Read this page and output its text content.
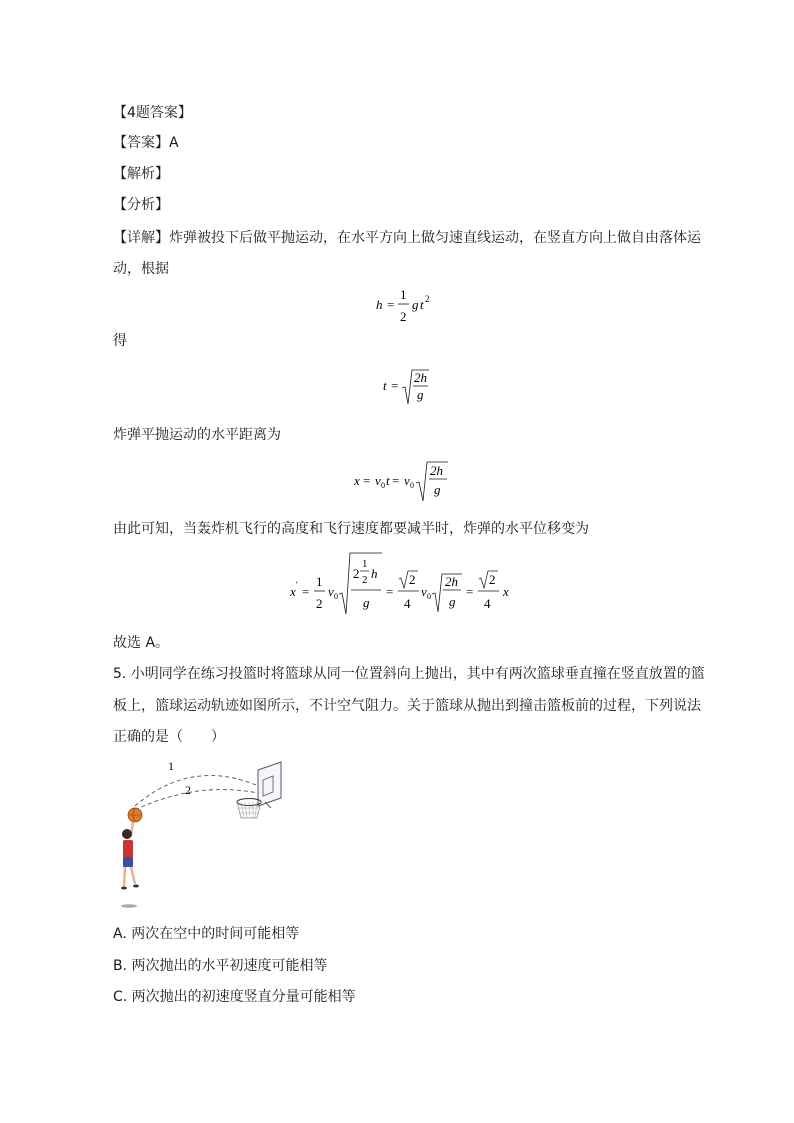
【4题答案】
【答案】A
【解析】
【分析】
【详解】炸弹被投下后做平抛运动，在水平方向上做匀速直线运动，在竖直方向上做自由落体运
动，根据
h =
1
2
g t 2
得
t =
2h
g
炸弹平抛运动的水平距离为
x = v 0 t = v 0
2h
g
由此可知，当轰炸机飞行的高度和飞行速度都要减半时，炸弹的水平位移变为
x ' =
1
2
v 0
2
1
2 h
g
=
2
4
v 0
2h
g
=
2
4
x
故选 A。
5. 小明同学在练习投篮时将篮球从同一位置斜向上抛出，其中有两次篮球垂直撞在竖直放置的篮
板上，篮球运动轨迹如图所示，不计空气阻力。关于篮球从抛出到撞击篮板前的过程，下列说法
正确的是（　　）
1
2
A. 两次在空中的时间可能相等
B. 两次抛出的水平初速度可能相等
C. 两次抛出的初速度竖直分量可能相等
